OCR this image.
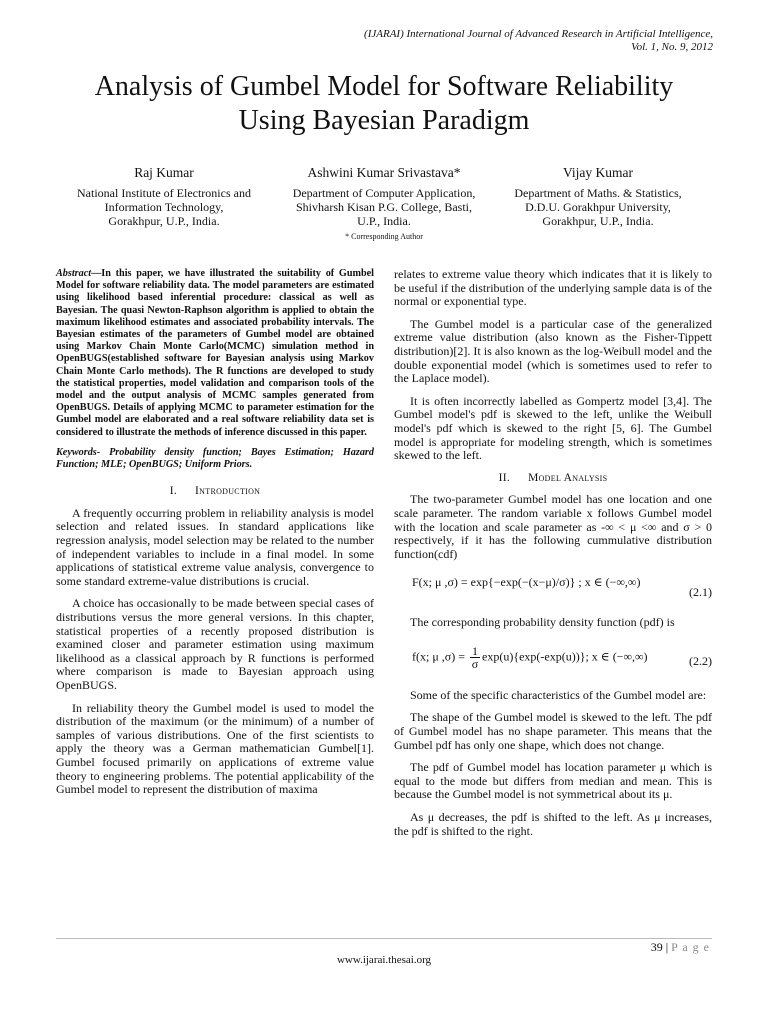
(IJARAI) International Journal of Advanced Research in Artificial Intelligence,
Vol. 1, No. 9, 2012
Analysis of Gumbel Model for Software Reliability
Using Bayesian Paradigm
Raj Kumar
National Institute of Electronics and
Information Technology,
Gorakhpur, U.P., India.
Ashwini Kumar Srivastava*
Department of Computer Application,
Shivharsh Kisan P.G. College, Basti,
U.P., India.
* Corresponding Author
Vijay Kumar
Department of Maths. & Statistics,
D.D.U. Gorakhpur University,
Gorakhpur, U.P., India.

Abstract—In this paper, we have illustrated the suitability of Gumbel Model for software reliability data. The model parameters are estimated using likelihood based inferential procedure: classical as well as Bayesian. The quasi Newton-Raphson algorithm is applied to obtain the maximum likelihood estimates and associated probability intervals. The Bayesian estimates of the parameters of Gumbel model are obtained using Markov Chain Monte Carlo(MCMC) simulation method in OpenBUGS(established software for Bayesian analysis using Markov Chain Monte Carlo methods). The R functions are developed to study the statistical properties, model validation and comparison tools of the model and the output analysis of MCMC samples generated from OpenBUGS. Details of applying MCMC to parameter estimation for the Gumbel model are elaborated and a real software reliability data set is considered to illustrate the methods of inference discussed in this paper.

Keywords- Probability density function; Bayes Estimation; Hazard Function; MLE; OpenBUGS; Uniform Priors.

I. Introduction

A frequently occurring problem in reliability analysis is model selection and related issues. In standard applications like regression analysis, model selection may be related to the number of independent variables to include in a final model. In some applications of statistical extreme value analysis, convergence to some standard extreme-value distributions is crucial.

A choice has occasionally to be made between special cases of distributions versus the more general versions. In this chapter, statistical properties of a recently proposed distribution is examined closer and parameter estimation using maximum likelihood as a classical approach by R functions is performed where comparison is made to Bayesian approach using OpenBUGS.

In reliability theory the Gumbel model is used to model the distribution of the maximum (or the minimum) of a number of samples of various distributions. One of the first scientists to apply the theory was a German mathematician Gumbel[1]. Gumbel focused primarily on applications of extreme value theory to engineering problems. The potential applicability of the Gumbel model to represent the distribution of maxima

relates to extreme value theory which indicates that it is likely to be useful if the distribution of the underlying sample data is of the normal or exponential type.

The Gumbel model is a particular case of the generalized extreme value distribution (also known as the Fisher-Tippett distribution)[2]. It is also known as the log-Weibull model and the double exponential model (which is sometimes used to refer to the Laplace model).

It is often incorrectly labelled as Gompertz model [3,4]. The Gumbel model's pdf is skewed to the left, unlike the Weibull model's pdf which is skewed to the right [5, 6]. The Gumbel model is appropriate for modeling strength, which is sometimes skewed to the left.

II. Model Analysis

The two-parameter Gumbel model has one location and one scale parameter. The random variable x follows Gumbel model with the location and scale parameter as -∞ < μ <∞ and σ > 0 respectively, if it has the following cummulative distribution function(cdf)

F(x; μ ,σ) = exp{−exp(−(x−μ)/σ)} ; x ∈ (−∞,∞)
(2.1)

The corresponding probability density function (pdf) is

f(x; μ $,\sigma) = \frac{1}{\sigma} \exp(u)\{\exp(-\exp(u))\}$; x ∈ (−∞,∞)	(2.2)

Some of the specific characteristics of the Gumbel model are:

The shape of the Gumbel model is skewed to the left. The pdf of Gumbel model has no shape parameter. This means that the Gumbel pdf has only one shape, which does not change.

The pdf of Gumbel model has location parameter μ which is equal to the mode but differs from median and mean. This is because the Gumbel model is not symmetrical about its μ.

As μ decreases, the pdf is shifted to the left. As μ increases, the pdf is shifted to the right.

39 | P a g e
www.ijarai.thesai.org
